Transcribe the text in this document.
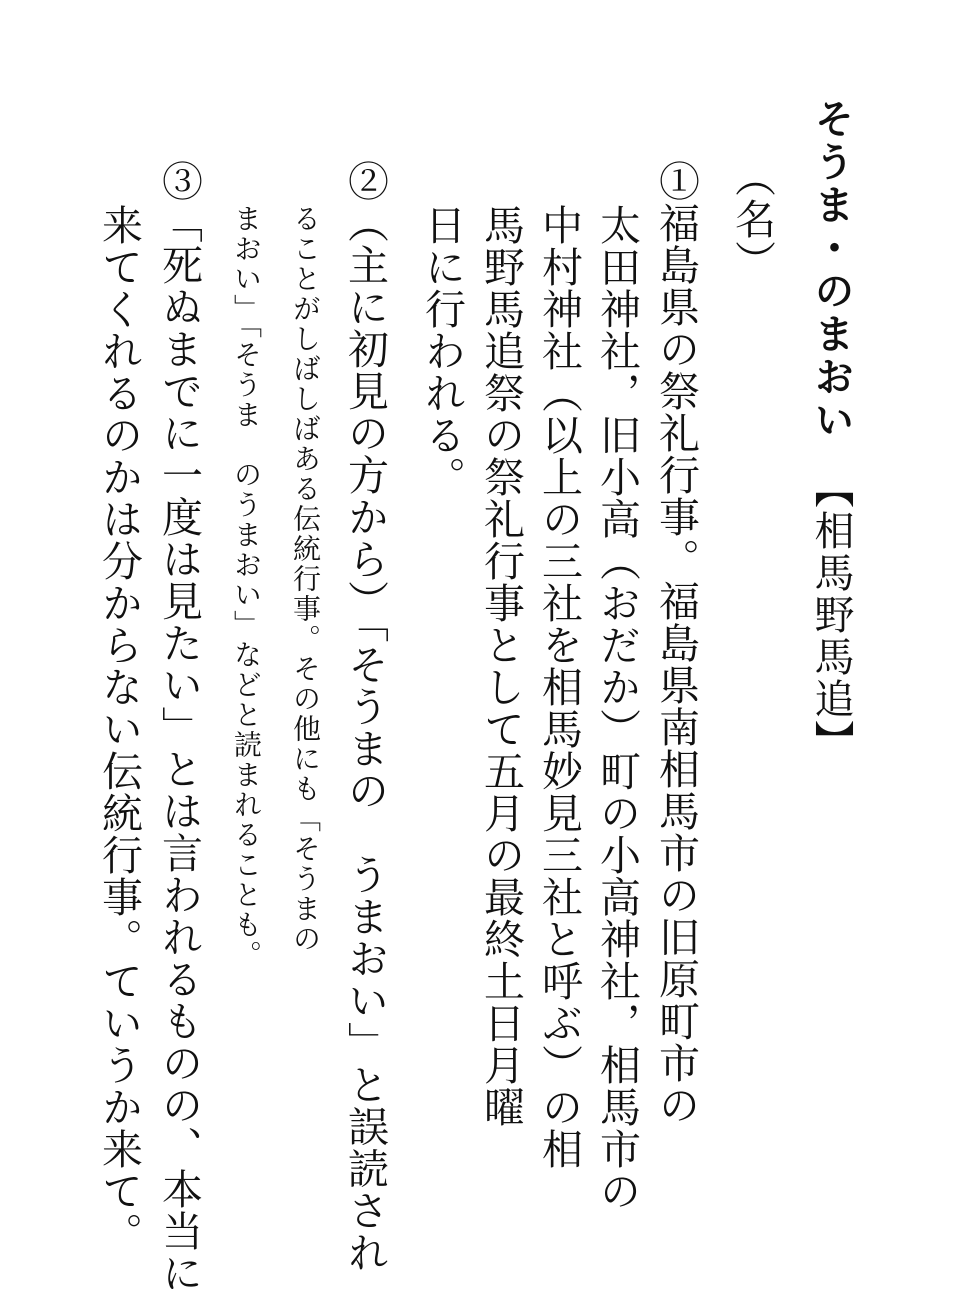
そうま・のまおい
【相馬野馬追】
（名）
①福島県の祭礼行事。福島県南相馬市の旧原町市の
太田神社，旧小高（おだか）町の小高神社，相馬市の
中村神社（以上の三社を相馬妙見三社と呼ぶ）の相
馬野馬追祭の祭礼行事として五月の最終土日月曜
日に行われる。
②（主に初見の方から）「そうまの　うまおい」と誤読され
ることがしばしばある伝統行事。その他にも「そうまの
まおい」「そうま　のうまおい」などと読まれることも。
③「死ぬまでに一度は見たい」とは言われるものの、本当に
来てくれるのかは分からない伝統行事。ていうか来て。
